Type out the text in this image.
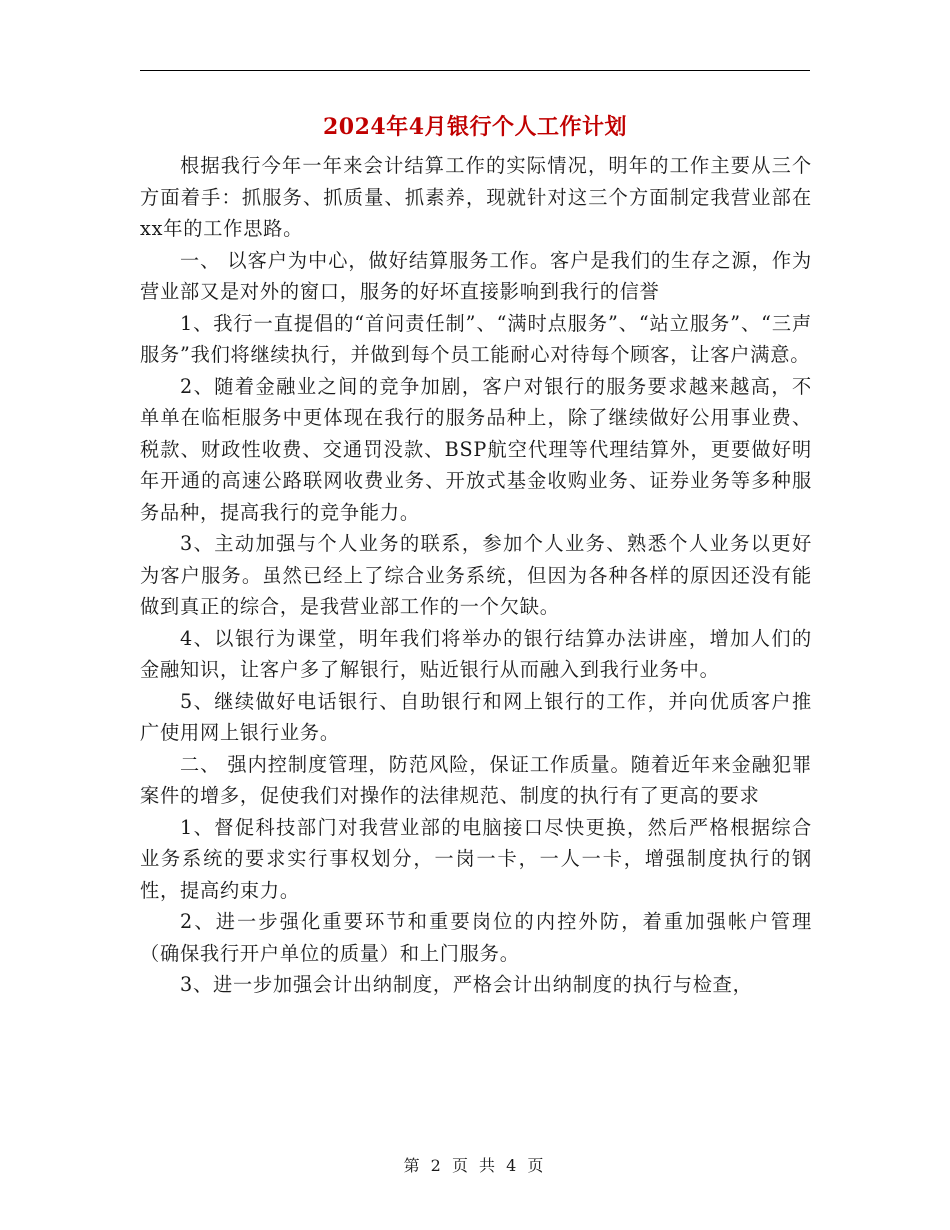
2024年4月银行个人工作计划

根据我行今年一年来会计结算工作的实际情况，明年的工作主要从三个方面着手：抓服务、抓质量、抓素养，现就针对这三个方面制定我营业部在xx年的工作思路。

一、 以客户为中心，做好结算服务工作。客户是我们的生存之源，作为营业部又是对外的窗口，服务的好坏直接影响到我行的信誉

1、我行一直提倡的“首问责任制”、“满时点服务”、“站立服务”、“三声服务”我们将继续执行，并做到每个员工能耐心对待每个顾客，让客户满意。

2、随着金融业之间的竞争加剧，客户对银行的服务要求越来越高，不单单在临柜服务中更体现在我行的服务品种上，除了继续做好公用事业费、税款、财政性收费、交通罚没款、BSP航空代理等代理结算外，更要做好明年开通的高速公路联网收费业务、开放式基金收购业务、证券业务等多种服务品种，提高我行的竞争能力。

3、主动加强与个人业务的联系，参加个人业务、熟悉个人业务以更好为客户服务。虽然已经上了综合业务系统，但因为各种各样的原因还没有能做到真正的综合，是我营业部工作的一个欠缺。

4、以银行为课堂，明年我们将举办的银行结算办法讲座，增加人们的金融知识，让客户多了解银行，贴近银行从而融入到我行业务中。

5、继续做好电话银行、自助银行和网上银行的工作，并向优质客户推广使用网上银行业务。

二、 强内控制度管理，防范风险，保证工作质量。随着近年来金融犯罪案件的增多，促使我们对操作的法律规范、制度的执行有了更高的要求

1、督促科技部门对我营业部的电脑接口尽快更换，然后严格根据综合业务系统的要求实行事权划分，一岗一卡，一人一卡，增强制度执行的钢性，提高约束力。

2、进一步强化重要环节和重要岗位的内控外防，着重加强帐户管理（确保我行开户单位的质量）和上门服务。

3、进一步加强会计出纳制度，严格会计出纳制度的执行与检查，

第 2 页 共 4 页
